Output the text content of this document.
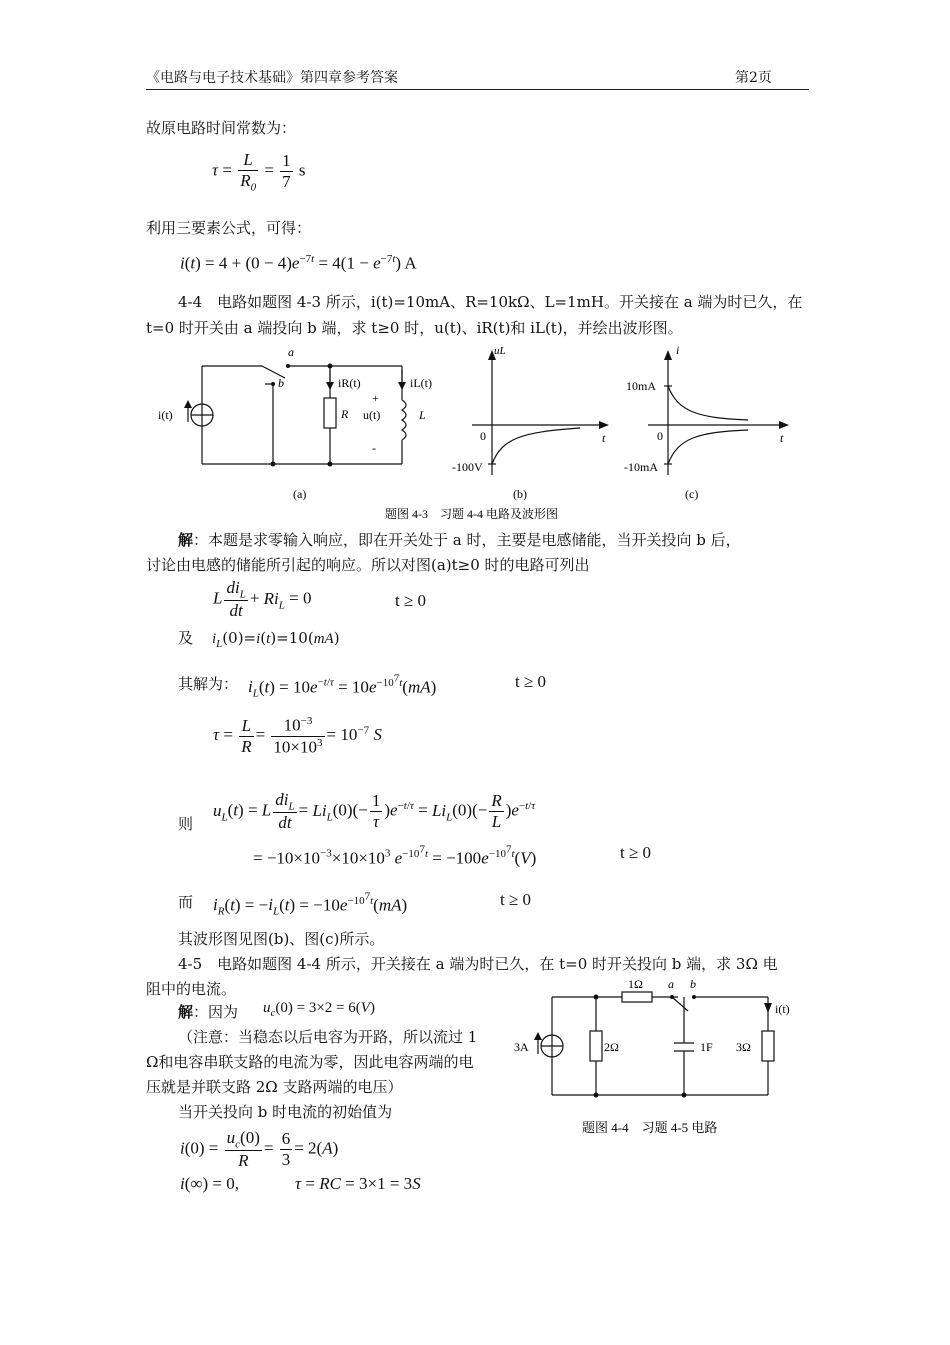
《电路与电子技术基础》第四章参考答案	第2页
故原电路时间常数为：
$\tau = \frac{L}{R_0} = \frac{1}{7}$ s
利用三要素公式，可得：
$i(t) = 4 + (0 - 4)e^{-7t} = 4(1 - e^{-7t})$ A
4-4　电路如题图 4-3 所示，i(t)=10mA、R=10kΩ、L=1mH。开关接在 a 端为时已久，在
t=0 时开关由 a 端投向 b 端，求 t≥0 时，u(t)、iR(t)和 iL(t)，并绘出波形图。
i(t)
a
b	iR(t)	iL(t)
R
+
u(t)
-
L
(a)
uL
t
0
-100V
(b)
i
t
0
10mA
-10mA
(c)
题图 4-3　习题 4-4 电路及波形图
解：本题是求零输入响应，即在开关处于 a 时，主要是电感储能，当开关投向 b 后，
讨论由电感的储能所引起的响应。所以对图(a)t≥0 时的电路可列出
L $\frac{di_L}{dt} + Ri_L = 0$	t ≥ 0
及 $i_L(0)=i(t)=10(mA)$
其解为： $i_L(t) = 10e^{-t/\tau} = 10e^{-10^7t}(mA)$	t ≥ 0
$\tau = \frac{L}{R} = \frac{10^{-3}}{10\times 10^3} = 10^{-7}$ S
则
$u_L(t) = L \frac{di_L}{dt} = Li_L(0)(- \frac{1}{\tau} )e^{-t/\tau} = Li_L(0)(- \frac{R}{L} )e^{-t/\tau}$
= $-10\times 10^{-3}\times 10\times 10^3$ $e^{-10^7t} = -100e^{-10^7t}(V)$	t ≥ 0
而 $i_R(t) = -i_L(t) = -10e^{-10^7t}(mA)$	t ≥ 0
其波形图见图(b)、图(c)所示。
4-5　电路如题图 4-4 所示，开关接在 a 端为时已久，在 t=0 时开关投向 b 端，求 3Ω 电
阻中的电流。
解：因为 $u_c(0) = 3\times 2 = 6(V)$
（注意：当稳态以后电容为开路，所以流过 1
Ω和电容串联支路的电流为零，因此电容两端的电
压就是并联支路 2Ω 支路两端的电压）
当开关投向 b 时电流的初始值为
$i(0) = \frac{u_c(0)}{R} = \frac{6}{3} = 2(A)$
i(∞) = 0,	τ = RC = 3×1 = 3S
3A
1Ω a b
2Ω	1F 3Ω
i(t)
题图 4-4　习题 4-5 电路
